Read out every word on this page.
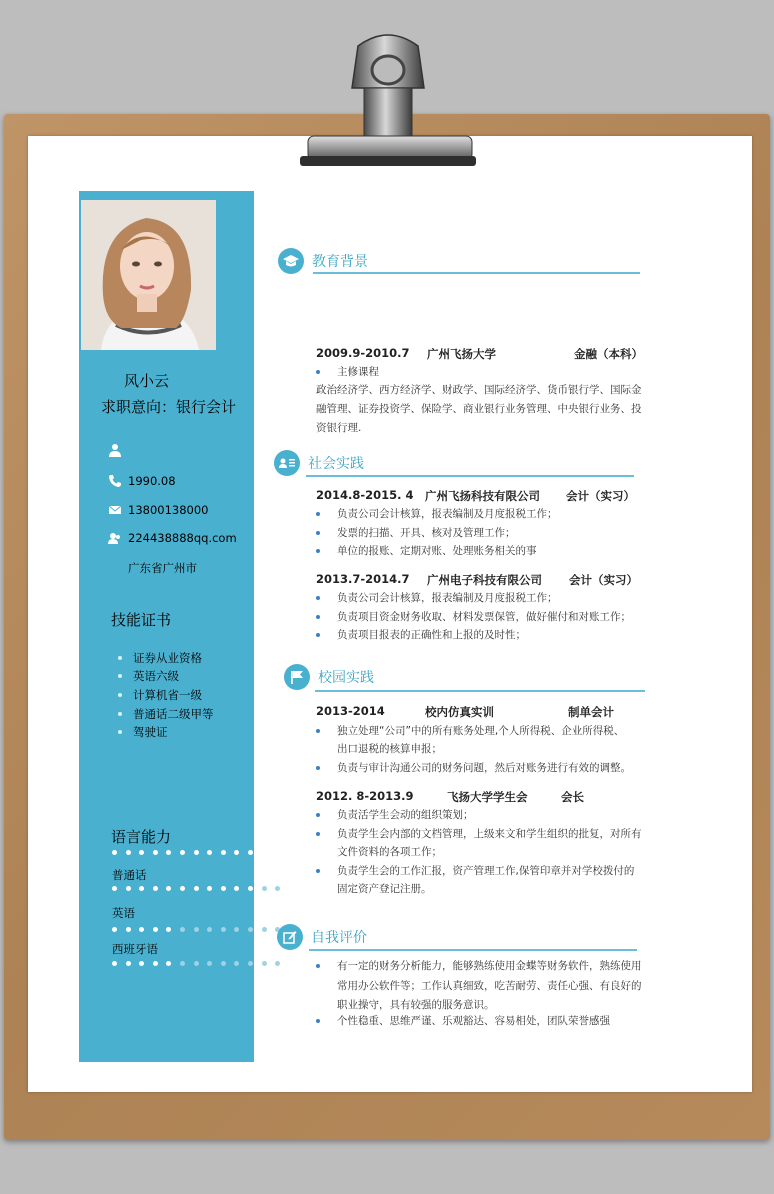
风小云
求职意向：银行会计
1990.08
13800138000
224438888qq.com
广东省广州市
技能证书
证券从业资格
英语六级
计算机省一级
普通话二级甲等
驾驶证
语言能力
普通话
英语
西班牙语
教育背景
2009.9-2010.7 广州飞扬大学	金融（本科）
主修课程
政治经济学、西方经济学、财政学、国际经济学、货币银行学、国际金
融管理、证券投资学、保险学、商业银行业务管理、中央银行业务、投
资银行理.
社会实践
2014.8-2015. 4 广州飞扬科技有限公司 会计（实习）
负责公司会计核算，报表编制及月度报税工作；
发票的扫描、开具、核对及管理工作；
单位的报账、定期对账、处理账务相关的事
2013.7-2014.7 广州电子科技有限公司 会计（实习）
负责公司会计核算，报表编制及月度报税工作；
负责项目资金财务收取、材料发票保管，做好催付和对账工作；
负责项目报表的正确性和上报的及时性；
校园实践
2013-2014	校内仿真实训	制单会计
独立处理“公司”中的所有账务处理,个人所得税、企业所得税、
出口退税的核算申报；
负责与审计沟通公司的财务问题，然后对账务进行有效的调整。
2012. 8-2013.9	飞扬大学学生会	会长
负责活学生会动的组织策划；
负责学生会内部的文档管理，上级来文和学生组织的批复，对所有
文件资料的各项工作；
负责学生会的工作汇报，资产管理工作,保管印章并对学校拨付的
固定资产登记注册。
自我评价
有一定的财务分析能力，能够熟练使用金蝶等财务软件，熟练使用
常用办公软件等；工作认真细致，吃苦耐劳、责任心强、有良好的
职业操守，具有较强的服务意识。
个性稳重、思维严谨、乐观豁达、容易相处，团队荣誉感强
